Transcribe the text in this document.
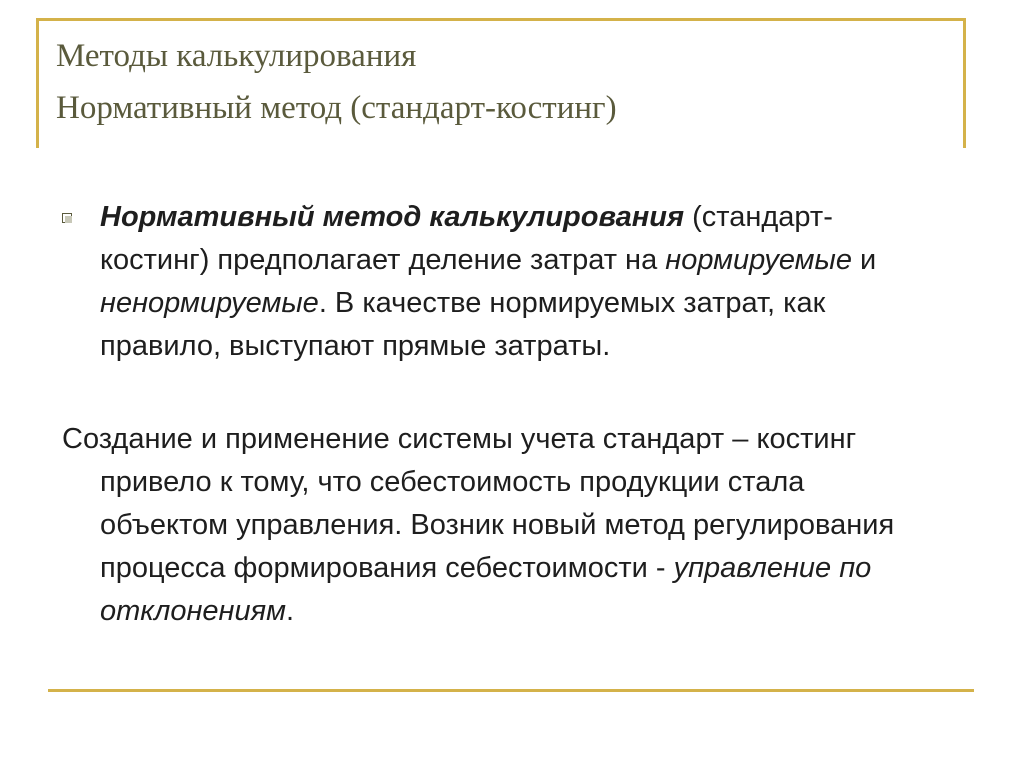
Методы калькулирования
Нормативный метод (стандарт-костинг)
Нормативный метод калькулирования (стандарт-
костинг) предполагает деление затрат на нормируемые и
ненормируемые. В качестве нормируемых затрат, как
правило, выступают прямые затраты.
Создание и применение системы учета стандарт – костинг
привело к тому, что себестоимость продукции стала
объектом управления. Возник новый метод регулирования
процесса формирования себестоимости - управление по
отклонениям.
